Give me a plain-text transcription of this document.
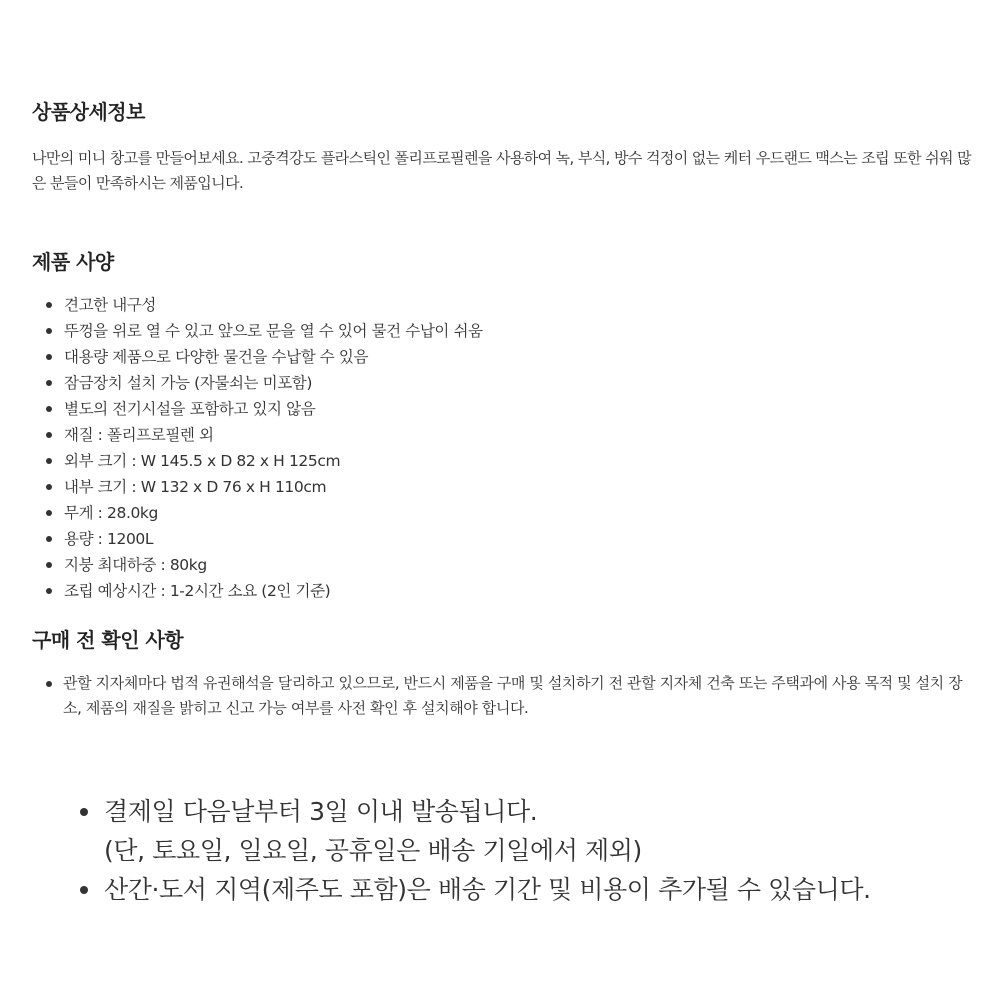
상품상세정보

나만의 미니 창고를 만들어보세요. 고중격강도 플라스틱인 폴리프로필렌을 사용하여 녹, 부식, 방수 걱정이 없는 케터 우드랜드 맥스는 조립 또한 쉬워 많은 분들이 만족하시는 제품입니다.

제품 사양
견고한 내구성
뚜껑을 위로 열 수 있고 앞으로 문을 열 수 있어 물건 수납이 쉬움
대용량 제품으로 다양한 물건을 수납할 수 있음
잠금장치 설치 가능 (자물쇠는 미포함)
별도의 전기시설을 포함하고 있지 않음
재질 : 폴리프로필렌 외
외부 크기 : W 145.5 x D 82 x H 125cm
내부 크기 : W 132 x D 76 x H 110cm
무게 : 28.0kg
용량 : 1200L
지붕 최대하중 : 80kg
조립 예상시간 : 1-2시간 소요 (2인 기준)
구매 전 확인 사항
관할 지자체마다 법적 유권해석을 달리하고 있으므로, 반드시 제품을 구매 및 설치하기 전 관할 지자체 건축 또는 주택과에 사용 목적 및 설치 장소, 제품의 재질을 밝히고 신고 가능 여부를 사전 확인 후 설치해야 합니다.
결제일 다음날부터 3일 이내 발송됩니다.
(단, 토요일, 일요일, 공휴일은 배송 기일에서 제외)
산간·도서 지역(제주도 포함)은 배송 기간 및 비용이 추가될 수 있습니다.
